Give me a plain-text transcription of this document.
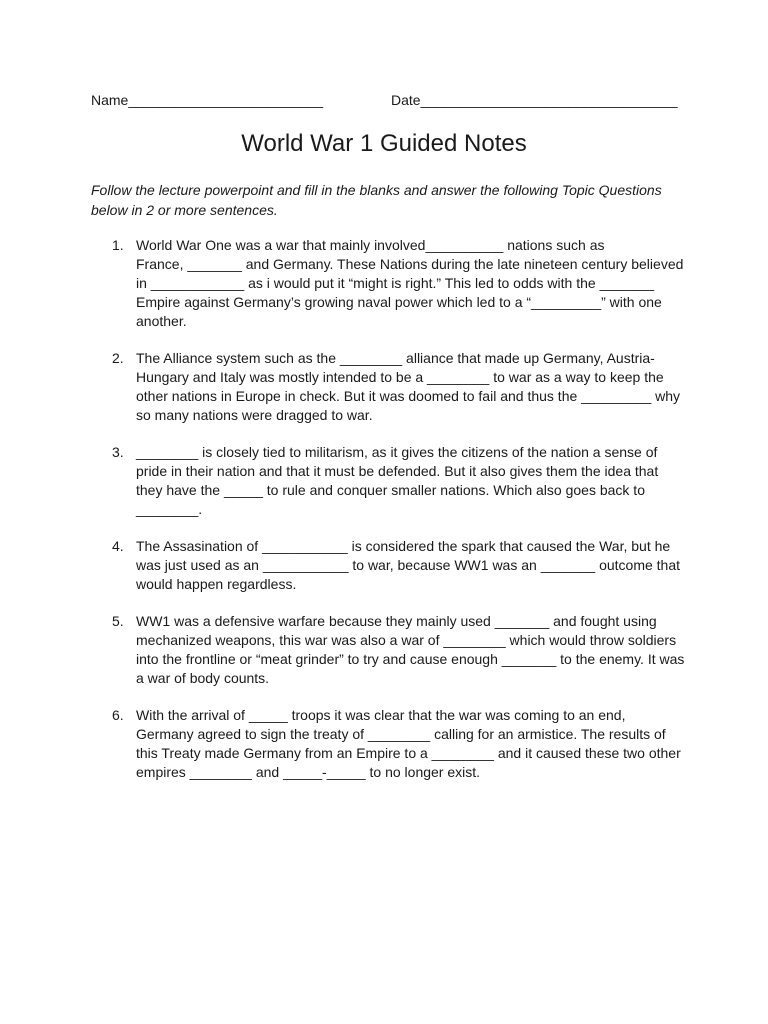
Name_________________________	Date_________________________________
World War 1 Guided Notes
Follow the lecture powerpoint and fill in the blanks and answer the following Topic Questions
below in 2 or more sentences.
1. World War One was a war that mainly involved__________ nations such as
France, _______ and Germany. These Nations during the late nineteen century believed
in ____________ as i would put it “might is right.” This led to odds with the _______
Empire against Germany’s growing naval power which led to a “_________” with one
another.
2. The Alliance system such as the ________ alliance that made up Germany, Austria-
Hungary and Italy was mostly intended to be a ________ to war as a way to keep the
other nations in Europe in check. But it was doomed to fail and thus the _________ why
so many nations were dragged to war.
3. ________ is closely tied to militarism, as it gives the citizens of the nation a sense of
pride in their nation and that it must be defended. But it also gives them the idea that
they have the _____ to rule and conquer smaller nations. Which also goes back to
________.
4. The Assasination of ___________ is considered the spark that caused the War, but he
was just used as an ___________ to war, because WW1 was an _______ outcome that
would happen regardless.
5. WW1 was a defensive warfare because they mainly used _______ and fought using
mechanized weapons, this war was also a war of ________ which would throw soldiers
into the frontline or “meat grinder” to try and cause enough _______ to the enemy. It was
a war of body counts.
6. With the arrival of _____ troops it was clear that the war was coming to an end,
Germany agreed to sign the treaty of ________ calling for an armistice. The results of
this Treaty made Germany from an Empire to a ________ and it caused these two other
empires ________ and _____-_____ to no longer exist.
